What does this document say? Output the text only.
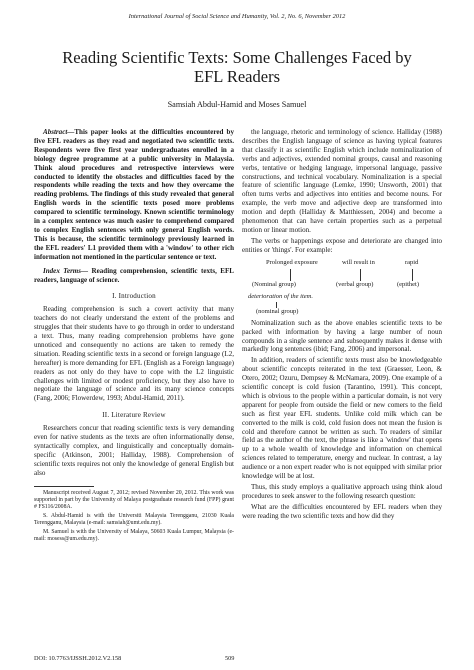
International Journal of Social Science and Humanity, Vol. 2, No. 6, November 2012
Reading Scientific Texts: Some Challenges Faced by EFL Readers
Samsiah Abdul-Hamid and Moses Samuel
Abstract—This paper looks at the difficulties encountered by five EFL readers as they read and negotiated two scientific texts. Respondents were five first year undergraduates enrolled in a biology degree programme at a public university in Malaysia. Think aloud procedures and retrospective interviews were conducted to identify the obstacles and difficulties faced by the respondents while reading the texts and how they overcame the reading problems. The findings of this study revealed that general English words in the scientific texts posed more problems compared to scientific terminology. Known scientific terminology in a complex sentence was much easier to comprehend compared to complex English sentences with only general English words. This is because, the scientific terminology previously learned in the EFL readers' L1 provided them with a 'window' to other rich information not mentioned in the particular sentence or text.
Index Terms— Reading comprehension, scientific texts, EFL readers, language of science.
I. Introduction

Reading comprehension is such a covert activity that many teachers do not clearly understand the extent of the problems and struggles that their students have to go through in order to understand a text. Thus, many reading comprehension problems have gone unnoticed and consequently no actions are taken to remedy the situation. Reading scientific texts in a second or foreign language (L2, hereafter) is more demanding for EFL (English as a Foreign language) readers as not only do they have to cope with the L2 linguistic challenges with limited or modest proficiency, but they also have to negotiate the language of science and its many science concepts (Fang, 2006; Flowerdew, 1993; Abdul-Hamid, 2011).

II. Literature Review

Researchers concur that reading scientific texts is very demanding even for native students as the texts are often informationally dense, syntactically complex, and linguistically and conceptually domain-specific (Atkinson, 2001; Halliday, 1988). Comprehension of scientific texts requires not only the knowledge of general English but also

Manuscript received August 7, 2012; revised November 20, 2012. This work was supported in part by the University of Malaya postgraduate research fund (FPP) grant # FS116/2008A.

S. Abdul-Hamid is with the Universiti Malaysia Terengganu, 21030 Kuala Terengganu, Malaysia (e-mail: samsiah@umt.edu.my).

M. Samuel is with the University of Malaya, 50603 Kuala Lumpur, Malaysia (e-mail: mosess@um.edu.my).

the language, rhetoric and terminology of science. Halliday (1988) describes the English language of science as having typical features that classify it as scientific English which include nominalization of verbs and adjectives, extended nominal groups, causal and reasoning verbs, tentative or hedging language, impersonal language, passive constructions, and technical vocabulary. Nominalization is a special feature of scientific language (Lemke, 1990; Unsworth, 2001) that often turns verbs and adjectives into entities and become nouns. For example, the verb move and adjective deep are transformed into motion and depth (Halliday & Matthiessen, 2004) and become a phenomenon that can have certain properties such as a perpetual motion or linear motion.

The verbs or happenings expose and deteriorate are changed into entities or 'things'. For example:

Prolonged exposure	will result in	rapid
(Nominal group)	(verbal group)	(epithet)
deterioration of the item.
(nominal group)

Nominalization such as the above enables scientific texts to be packed with information by having a large number of noun compounds in a single sentence and subsequently makes it dense with markedly long sentences (ibid; Fang, 2006) and impersonal.

In addition, readers of scientific texts must also be knowledgeable about scientific concepts reiterated in the text (Graesser, Leon, & Otero, 2002; Ozuru, Dempsey & McNamara, 2009). One example of a scientific concept is cold fusion (Tarantino, 1991). This concept, which is obvious to the people within a particular domain, is not very apparent for people from outside the field or new comers to the field such as first year EFL students. Unlike cold milk which can be converted to the milk is cold, cold fusion does not mean the fusion is cold and therefore cannot be written as such. To readers of similar field as the author of the text, the phrase is like a 'window' that opens up to a whole wealth of knowledge and information on chemical sciences related to temperature, energy and nuclear. In contrast, a lay audience or a non expert reader who is not equipped with similar prior knowledge will be at lost.

Thus, this study employs a qualitative approach using think aloud procedures to seek answer to the following research question:

What are the difficulties encountered by EFL readers when they were reading the two scientific texts and how did they

DOI: 10.7763/IJSSH.2012.V2.158	509
